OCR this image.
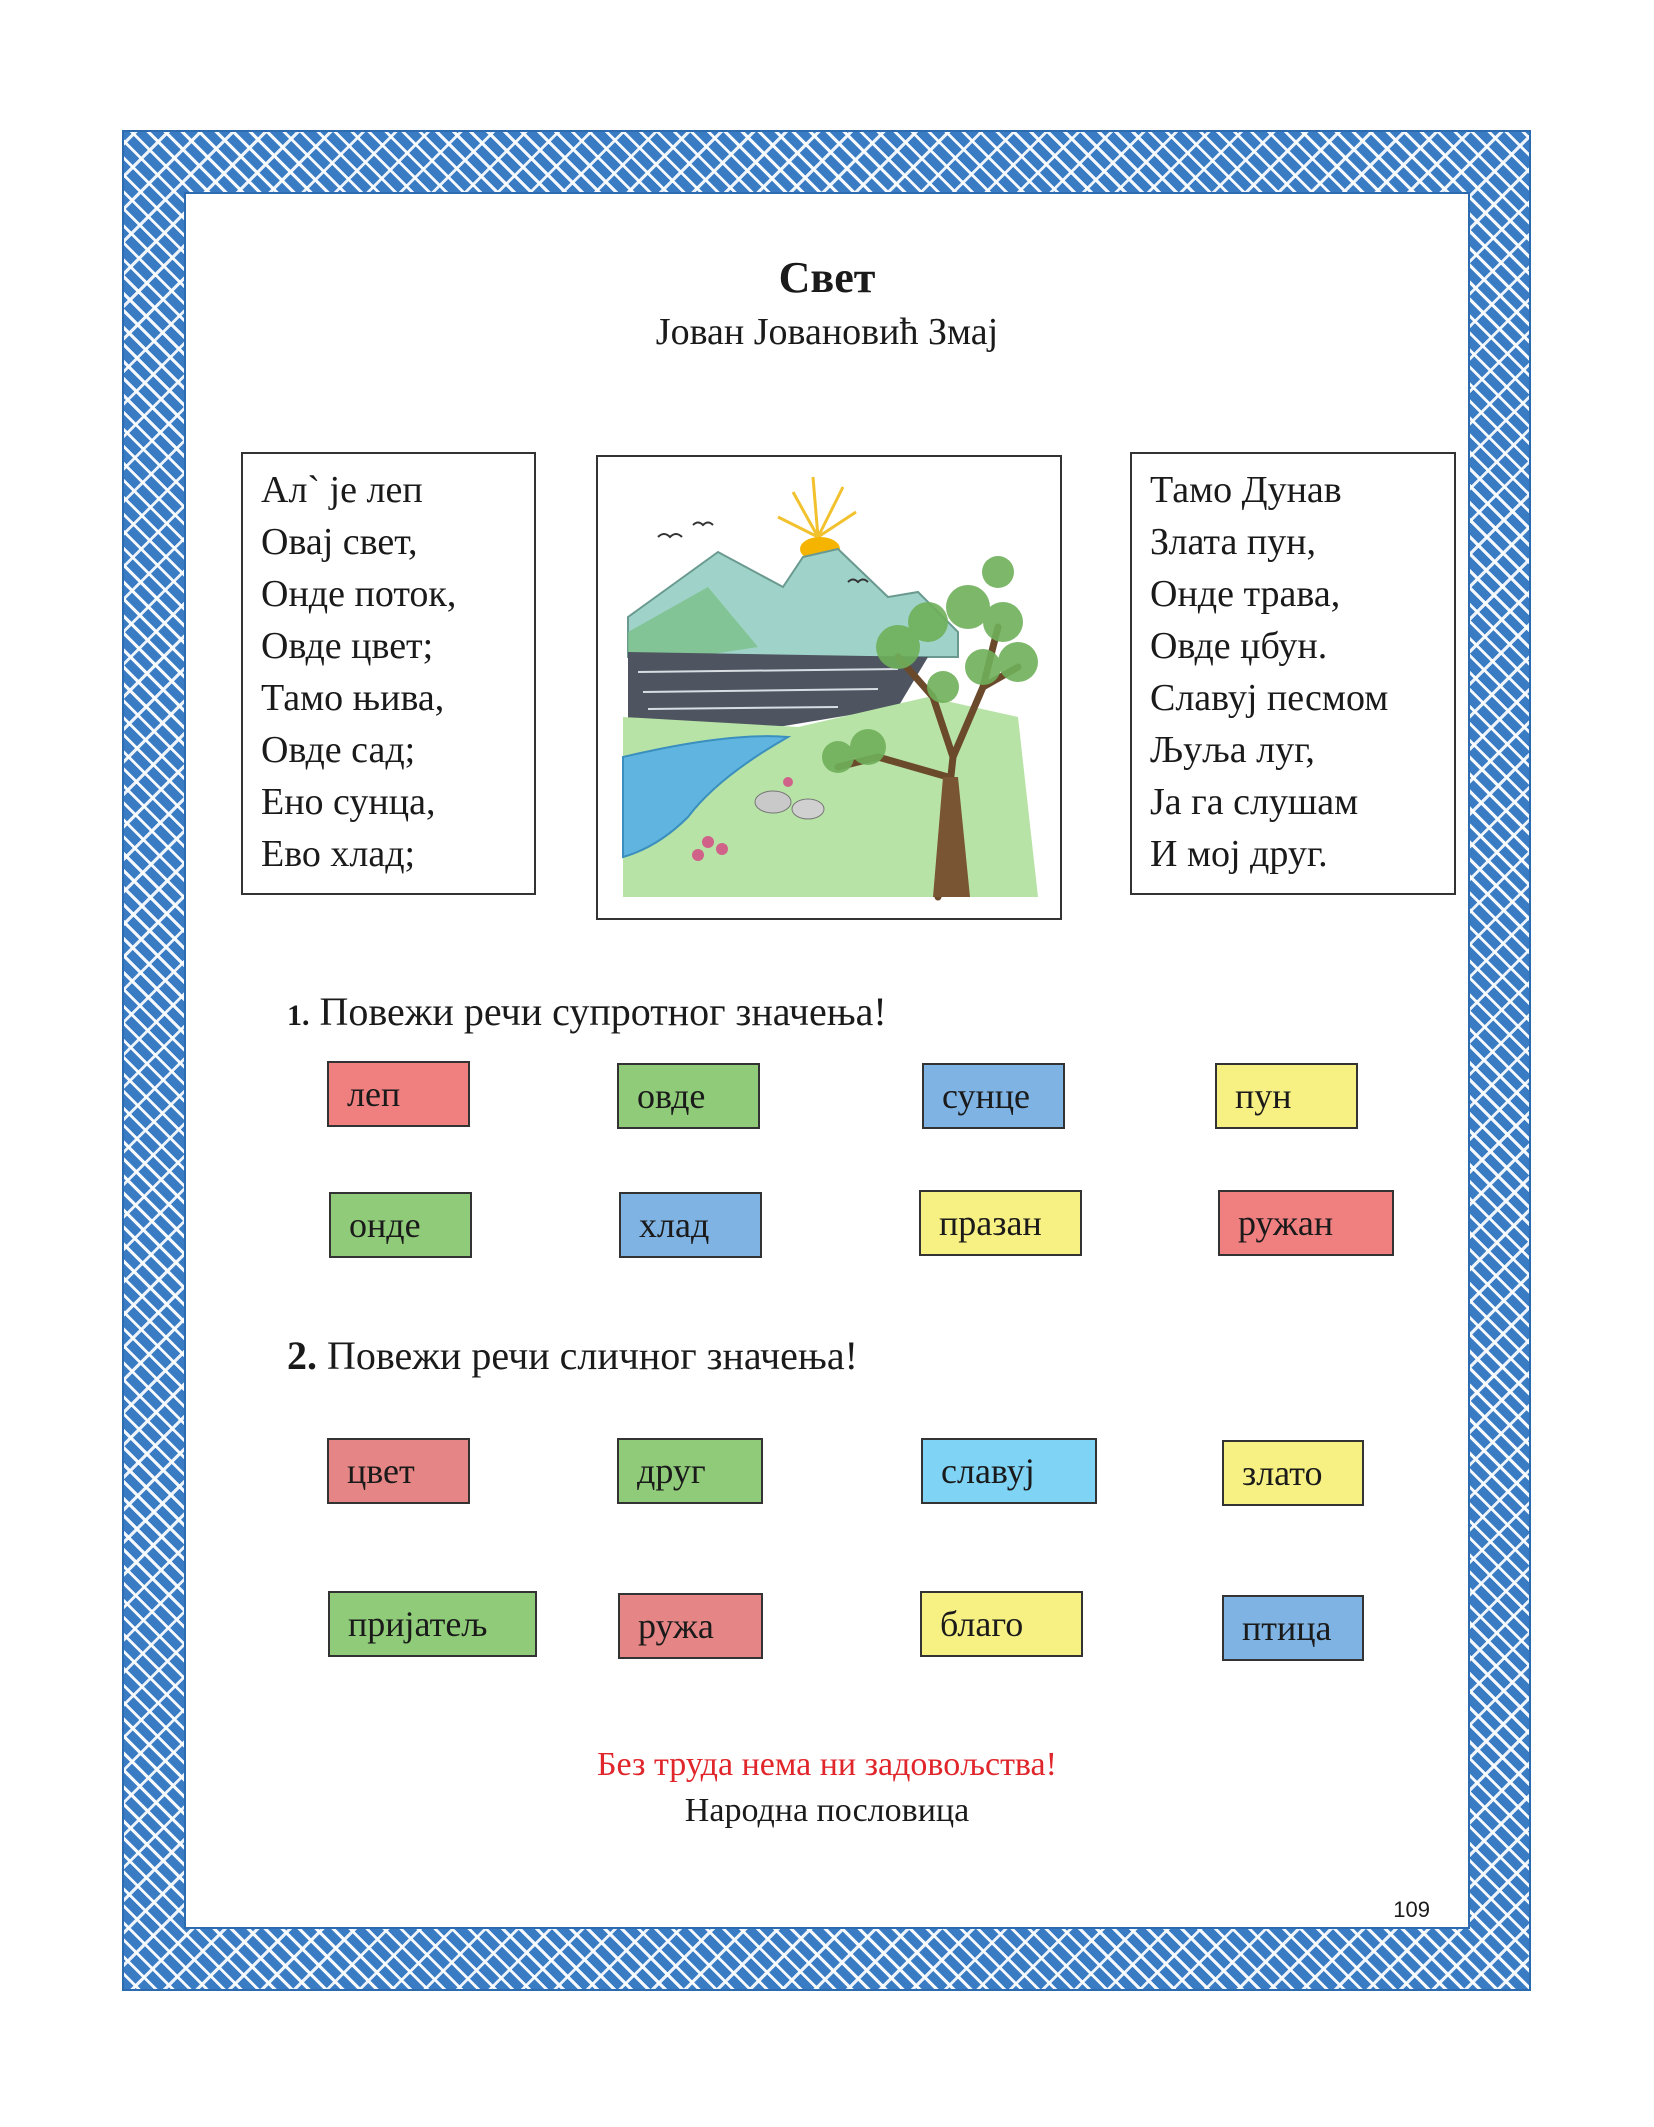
Свет
Јован Јовановић Змај
Ал` је леп
Овај свет,
Онде поток,
Овде цвет;
Тамо њива,
Овде сад;
Ено сунца,
Ево хлад;
Тамо Дунав
Злата пун,
Онде трава,
Овде џбун.
Славуј песмом
Љуља луг,
Ја га слушам
И мој друг.
1. Повежи речи супротног значења!
леп	овде	сунце	пун
онде	хлад	празан	ружан
2. Повежи речи сличног значења!
цвет	друг	славуј	злато
пријатељ	ружа	благо	птица
Без труда нема ни задовољства!
Народна пословица
109
